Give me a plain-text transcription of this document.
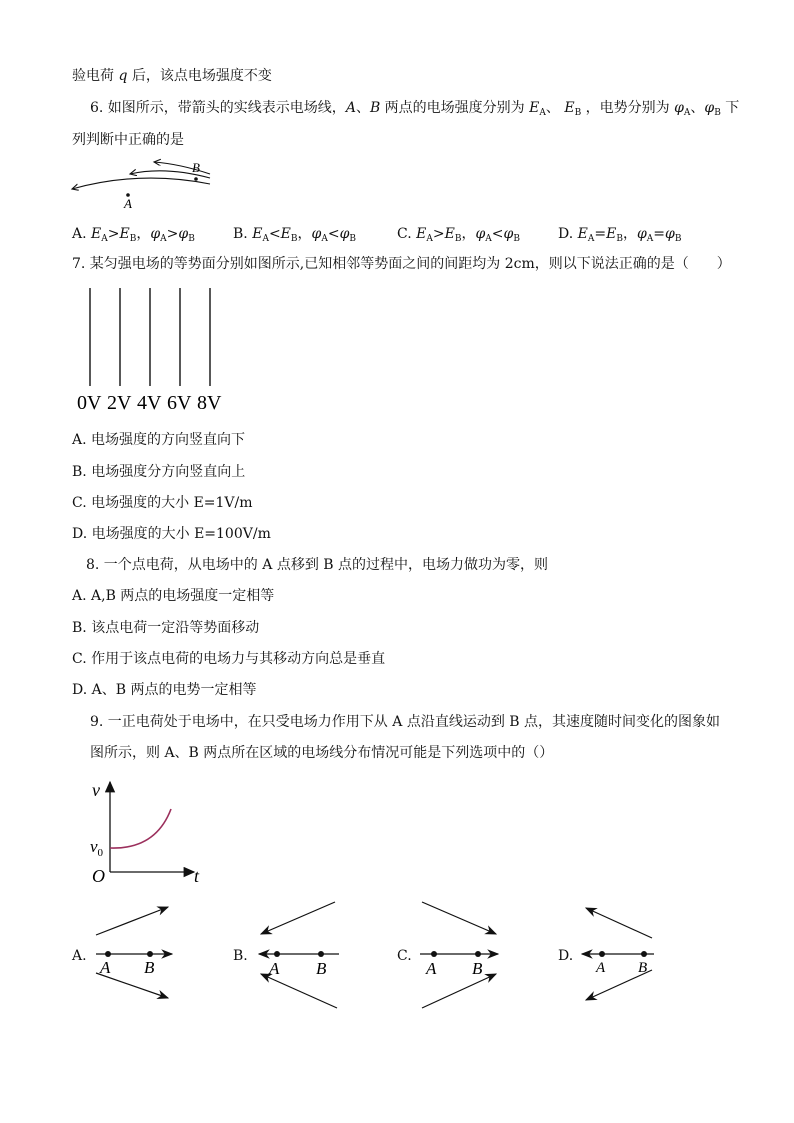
验电荷 q 后，该点电场强度不变
6. 如图所示，带箭头的实线表示电场线，A、B 两点的电场强度分别为 $E_A$、 $E_B$ ，电势分别为 $\varphi_A$、$\varphi_B$ 下
列判断中正确的是
A
B
A. $E_A>E_B$，$\varphi_A>\varphi_B$	B. $E_A<E_B$，$\varphi_A<\varphi_B$	C. $E_A>E_B$，$\varphi_A<\varphi_B$	D. $E_A=E_B$，$\varphi_A=\varphi_B$
7. 某匀强电场的等势面分别如图所示,已知相邻等势面之间的间距均为 2cm，则以下说法正确的是（　　）
0V 2V 4V 6V 8V
A. 电场强度的方向竖直向下
B. 电场强度分方向竖直向上
C. 电场强度的大小 E=1V/m
D. 电场强度的大小 E=100V/m
8. 一个点电荷，从电场中的 A 点移到 B 点的过程中，电场力做功为零，则
A. A,B 两点的电场强度一定相等
B. 该点电荷一定沿等势面移动
C. 作用于该点电荷的电场力与其移动方向总是垂直
D. A、B 两点的电势一定相等
9. 一正电荷处于电场中，在只受电场力作用下从 A 点沿直线运动到 B 点，其速度随时间变化的图象如
图所示，则 A、B 两点所在区域的电场线分布情况可能是下列选项中的（）
v
t
O
$v_0$
A.
A B
B.
A B
C.
A B
D.
A B
